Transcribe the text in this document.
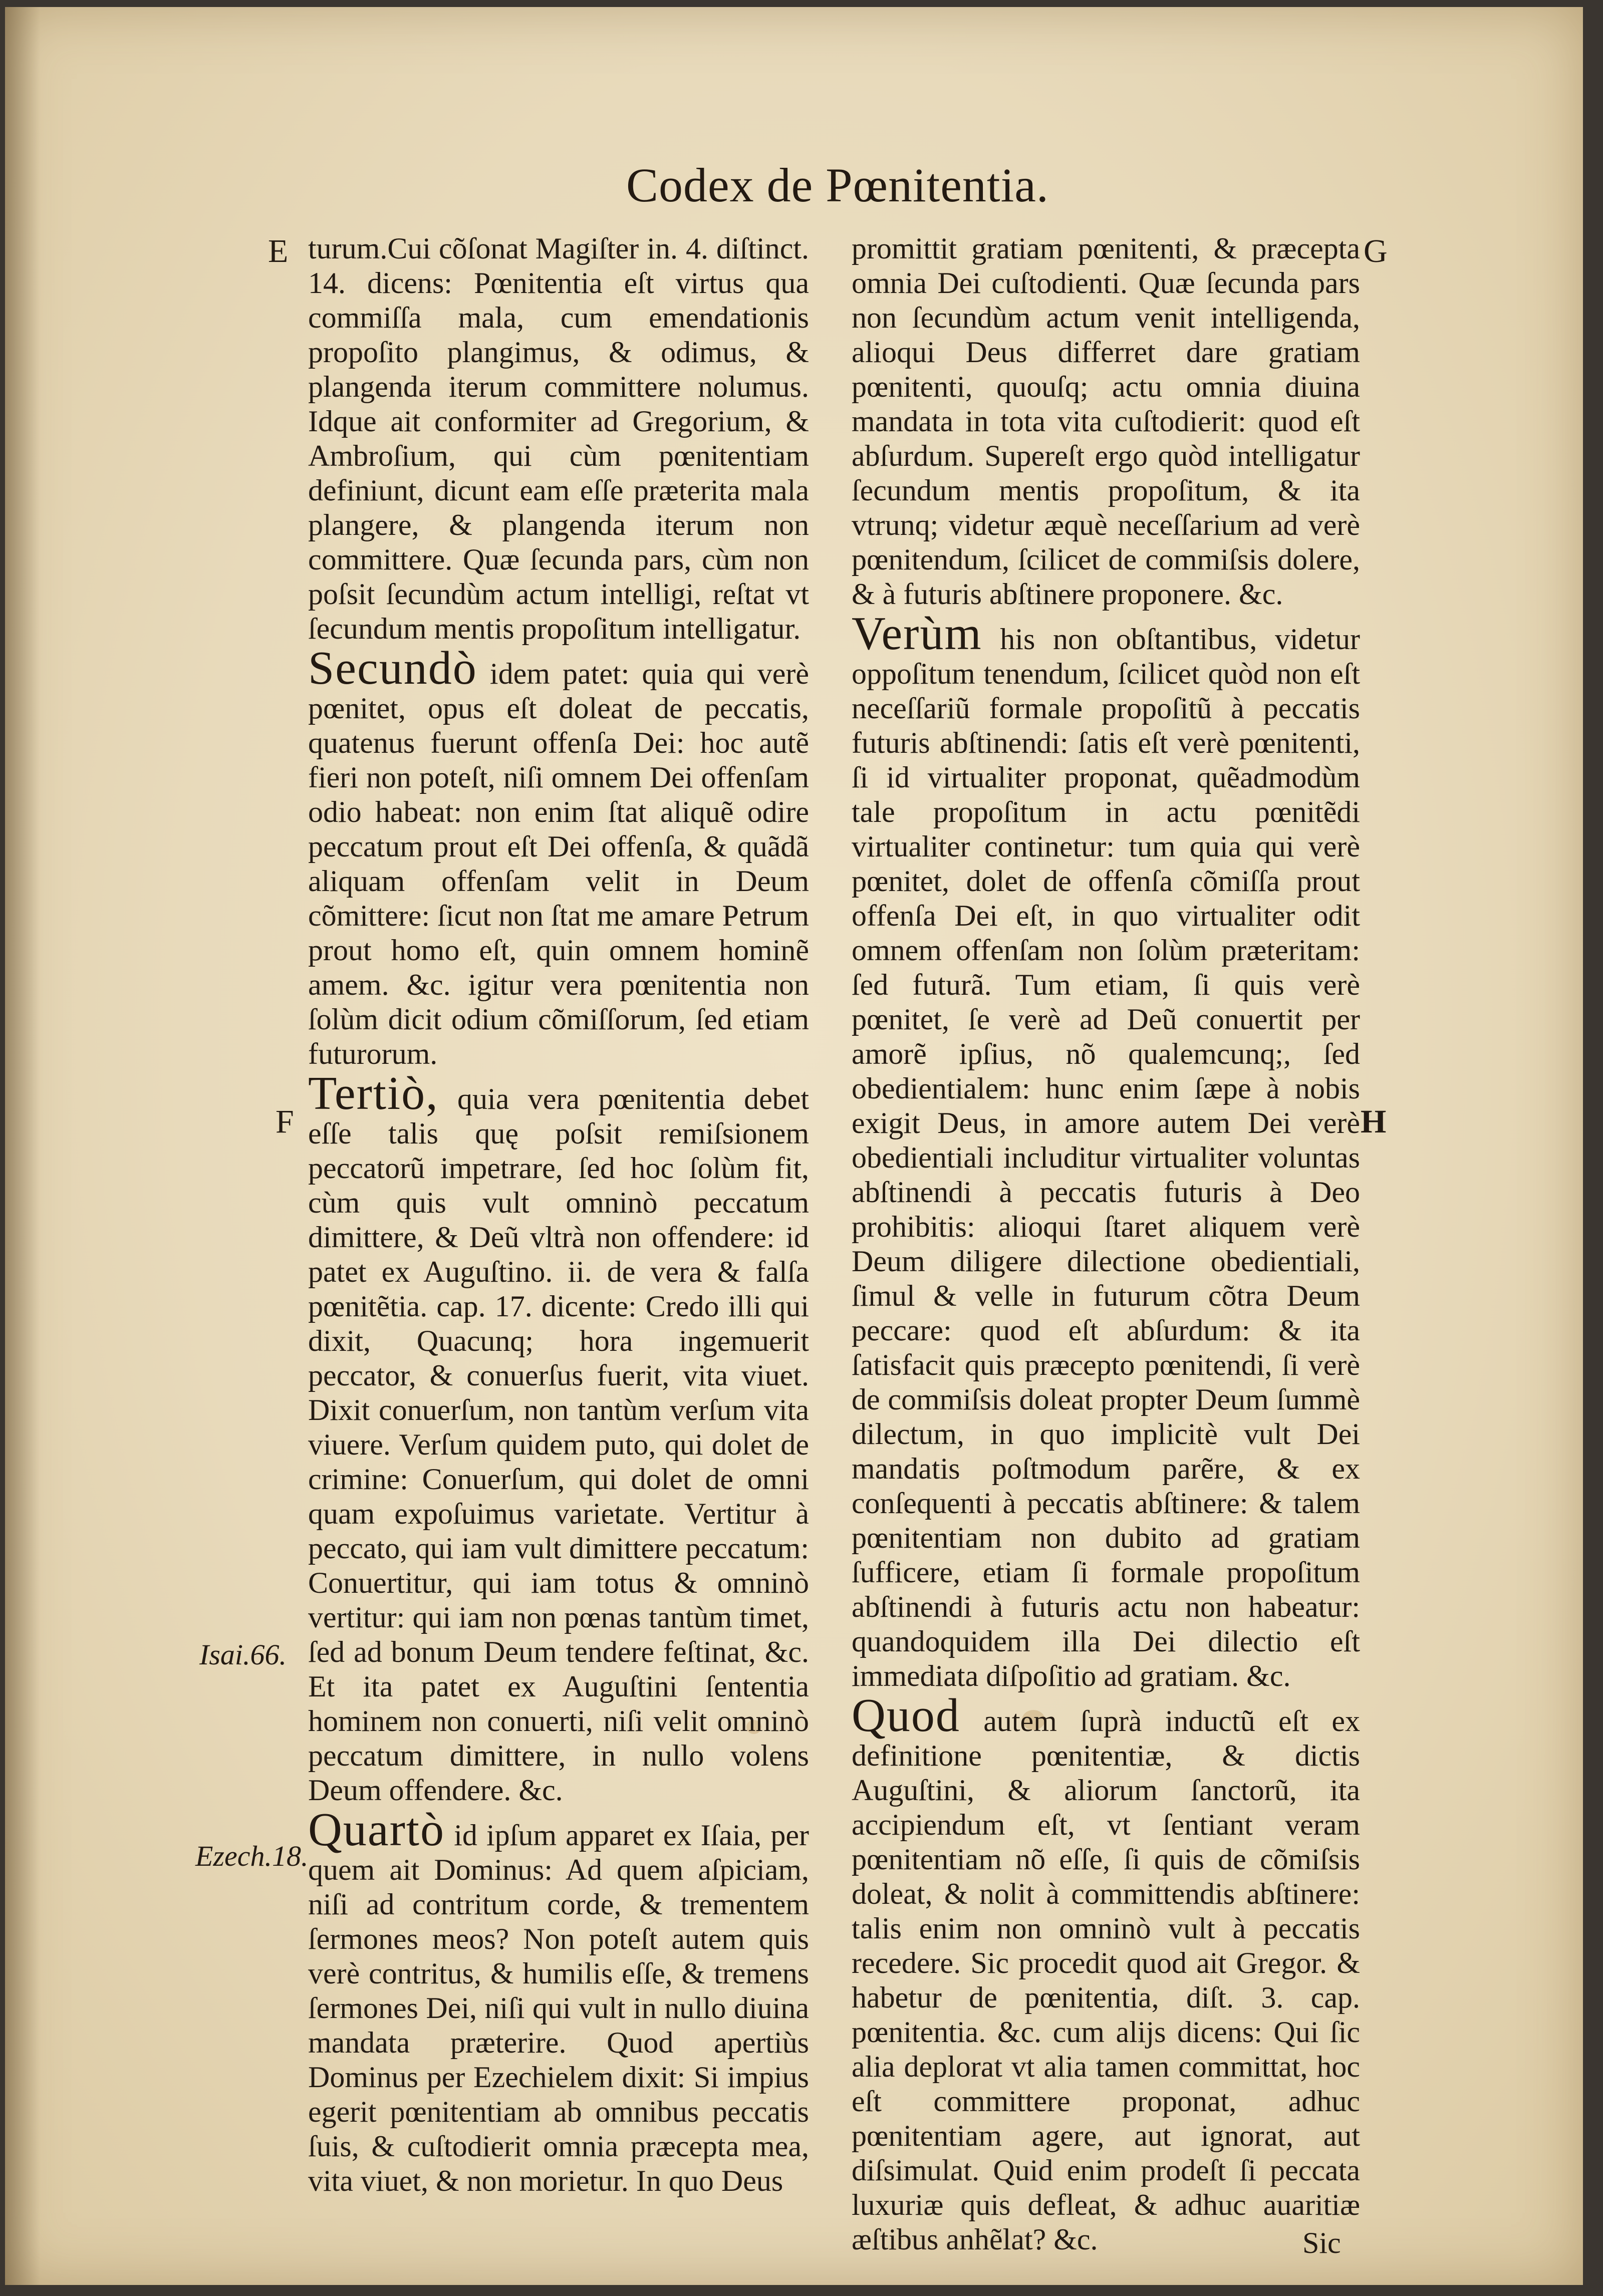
Codex de Pœnitentia.
E
F
G
H
Isai.66.
Ezech.18.

turum.Cui cõſonat Magiſter in. 4. diſtinct. 14. dicens: Pœnitentia eſt virtus qua commiſſa mala, cum emendationis propoſito plangimus, & odimus, & plangenda iterum committere nolumus. Idque ait conformiter ad Gregorium, & Ambroſium, qui cùm pœnitentiam definiunt, dicunt eam eſſe præterita mala plangere, & plangenda iterum non committere. Quæ ſecunda pars, cùm non poſsit ſecundùm actum intelligi, reſtat vt ſecundum mentis propoſitum intelligatur.

Secundò idem patet: quia qui verè pœnitet, opus eſt doleat de peccatis, quatenus fuerunt offenſa Dei: hoc autẽ fieri non poteſt, niſi omnem Dei offenſam odio habeat: non enim ſtat aliquẽ odire peccatum prout eſt Dei offenſa, & quãdã aliquam offenſam velit in Deum cõmittere: ſicut non ſtat me amare Petrum prout homo eſt, quin omnem hominẽ amem. &c. igitur vera pœnitentia non ſolùm dicit odium cõmiſſorum, ſed etiam futurorum.

Tertiò, quia vera pœnitentia debet eſſe talis quę poſsit remiſsionem peccatorũ impetrare, ſed hoc ſolùm fit, cùm quis vult omninò peccatum dimittere, & Deũ vltrà non offendere: id patet ex Auguſtino. ii. de vera & falſa pœnitẽtia. cap. 17. dicente: Credo illi qui dixit, Quacunq; hora ingemuerit peccator, & conuerſus fuerit, vita viuet. Dixit conuerſum, non tantùm verſum vita viuere. Verſum quidem puto, qui dolet de crimine: Conuerſum, qui dolet de omni quam expoſuimus varietate. Vertitur à peccato, qui iam vult dimittere peccatum: Conuertitur, qui iam totus & omninò vertitur: qui iam non pœnas tantùm timet, ſed ad bonum Deum tendere feſtinat, &c. Et ita patet ex Auguſtini ſententia hominem non conuerti, niſi velit omninò peccatum dimittere, in nullo volens Deum offendere. &c.

Quartò id ipſum apparet ex Iſaia, per quem ait Dominus: Ad quem aſpiciam, niſi ad contritum corde, & trementem ſermones meos? Non poteſt autem quis verè contritus, & humilis eſſe, & tremens ſermones Dei, niſi qui vult in nullo diuina mandata præterire. Quod apertiùs Dominus per Ezechielem dixit: Si impius egerit pœnitentiam ab omnibus peccatis ſuis, & cuſtodierit omnia præcepta mea, vita viuet, & non morietur. In quo Deus

promittit gratiam pœnitenti, & præcepta omnia Dei cuſtodienti. Quæ ſecunda pars non ſecundùm actum venit intelligenda, alioqui Deus differret dare gratiam pœnitenti, quouſq; actu omnia diuina mandata in tota vita cuſtodierit: quod eſt abſurdum. Supereſt ergo quòd intelligatur ſecundum mentis propoſitum, & ita vtrunq; videtur æquè neceſſarium ad verè pœnitendum, ſcilicet de commiſsis dolere, & à futuris abſtinere proponere. &c.

Verùm his non obſtantibus, videtur oppoſitum tenendum, ſcilicet quòd non eſt neceſſariũ formale propoſitũ à peccatis futuris abſtinendi: ſatis eſt verè pœnitenti, ſi id virtualiter proponat, quẽadmodùm tale propoſitum in actu pœnitẽdi virtualiter continetur: tum quia qui verè pœnitet, dolet de offenſa cõmiſſa prout offenſa Dei eſt, in quo virtualiter odit omnem offenſam non ſolùm præteritam: ſed futurã. Tum etiam, ſi quis verè pœnitet, ſe verè ad Deũ conuertit per amorẽ ipſius, nõ qualemcunq;, ſed obedientialem: hunc enim ſæpe à nobis exigit Deus, in amore autem Dei verè obedientiali includitur virtualiter voluntas abſtinendi à peccatis futuris à Deo prohibitis: alioqui ſtaret aliquem verè Deum diligere dilectione obedientiali, ſimul & velle in futurum cõtra Deum peccare: quod eſt abſurdum: & ita ſatisfacit quis præcepto pœnitendi, ſi verè de commiſsis doleat propter Deum ſummè dilectum, in quo implicitè vult Dei mandatis poſtmodum parẽre, & ex conſequenti à peccatis abſtinere: & talem pœnitentiam non dubito ad gratiam ſufficere, etiam ſi formale propoſitum abſtinendi à futuris actu non habeatur: quandoquidem illa Dei dilectio eſt immediata diſpoſitio ad gratiam. &c.

Quod autem ſuprà inductũ eſt ex definitione pœnitentiæ, & dictis Auguſtini, & aliorum ſanctorũ, ita accipiendum eſt, vt ſentiant veram pœnitentiam nõ eſſe, ſi quis de cõmiſsis doleat, & nolit à committendis abſtinere: talis enim non omninò vult à peccatis recedere. Sic procedit quod ait Gregor. & habetur de pœnitentia, diſt. 3. cap. pœnitentia. &c. cum alijs dicens: Qui ſic alia deplorat vt alia tamen committat, hoc eſt committere proponat, adhuc pœnitentiam agere, aut ignorat, aut diſsimulat. Quid enim prodeſt ſi peccata luxuriæ quis defleat, & adhuc auaritiæ æſtibus anhẽlat? &c.	Sic
